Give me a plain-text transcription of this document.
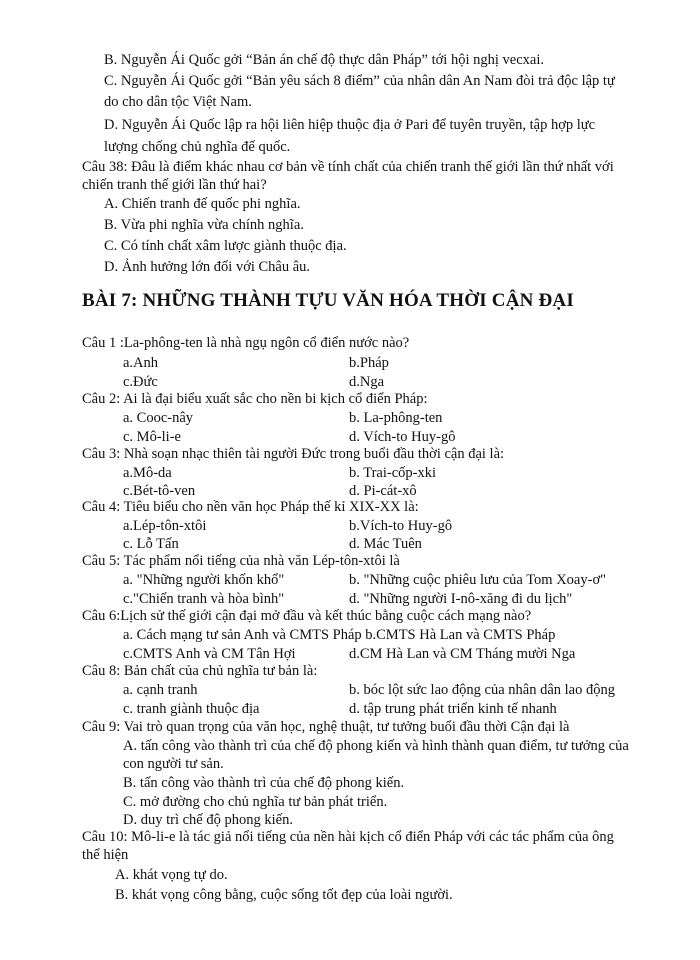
B. Nguyễn Ái Quốc gởi “Bản án chế độ thực dân Pháp” tới hội nghị vecxai.
C. Nguyễn Ái Quốc gởi “Bản yêu sách 8 điểm” của nhân dân An Nam đòi trả độc lập tự
do cho dân tộc Việt Nam.
D. Nguyễn Ái Quốc lập ra hội liên hiệp thuộc địa ở Pari để tuyên truyền, tập hợp lực
lượng chống chủ nghĩa đế quốc.
Câu 38: Đâu là điểm khác nhau cơ bản về tính chất của chiến tranh thế giới lần thứ nhất với
chiến tranh thế giới lần thứ hai?
A. Chiến tranh đế quốc phi nghĩa.
B. Vừa phi nghĩa vừa chính nghĩa.
C. Có tính chất xâm lược giành thuộc địa.
D. Ảnh hưởng lớn đối với Châu âu.
BÀI 7: NHỮNG THÀNH TỰU VĂN HÓA THỜI CẬN ĐẠI
Câu 1 :La-phông-ten là nhà ngụ ngôn cổ điển nước nào?
a.Anh	b.Pháp
c.Đức	d.Nga
Câu 2: Ai là đại biểu xuất sắc cho nền bi kịch cổ điển Pháp:
a. Cooc-nây	b. La-phông-ten
c. Mô-li-e	d. Vích-to Huy-gô
Câu 3: Nhà soạn nhạc thiên tài người Đức trong buổi đầu thời cận đại là:
a.Mô-da	b. Trai-cốp-xki
c.Bét-tô-ven	d. Pi-cát-xô
Câu 4: Tiêu biểu cho nền văn học Pháp thế kỉ XIX-XX là:
a.Lép-tôn-xtôi	b.Vích-to Huy-gô
c. Lỗ Tấn	d. Mác Tuên
Câu 5: Tác phẩm nổi tiếng của nhà văn Lép-tôn-xtôi là
a. "Những người khốn khổ"	b. "Những cuộc phiêu lưu của Tom Xoay-ơ"
c."Chiến tranh và hòa bình"	d. "Những người I-nô-xăng đi du lịch"
Câu 6:Lịch sử thế giới cận đại mở đầu và kết thúc bằng cuộc cách mạng nào?
a. Cách mạng tư sản Anh và CMTS Pháp b.CMTS Hà Lan và CMTS Pháp
c.CMTS Anh và CM Tân Hợi	d.CM Hà Lan và CM Tháng mười Nga
Câu 8: Bản chất của chủ nghĩa tư bản là:
a. cạnh tranh	b. bóc lột sức lao động của nhân dân lao động
c. tranh giành thuộc địa	d. tập trung phát triển kinh tế nhanh
Câu 9: Vai trò quan trọng của văn học, nghệ thuật, tư tưởng buổi đầu thời Cận đại là
A. tấn công vào thành trì của chế độ phong kiến và hình thành quan điểm, tư tưởng của
con người tư sản.
B. tấn công vào thành trì của chế độ phong kiến.
C. mở đường cho chủ nghĩa tư bản phát triển.
D. duy trì chế độ phong kiến.
Câu 10: Mô-li-e là tác giả nổi tiếng của nền hài kịch cổ điển Pháp với các tác phẩm của ông
thể hiện
A. khát vọng tự do.
B. khát vọng công bằng, cuộc sống tốt đẹp của loài người.
